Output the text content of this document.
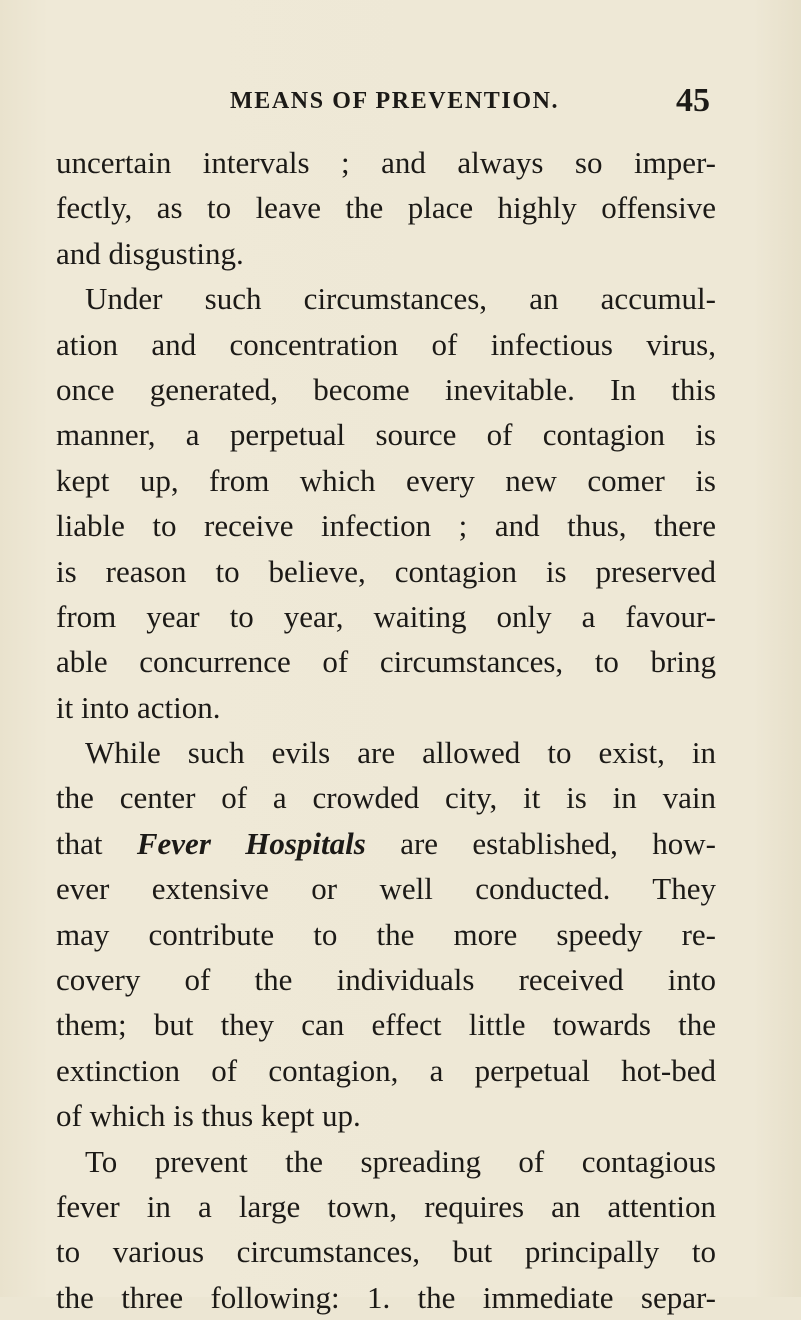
MEANS OF PREVENTION.	45
uncertain intervals ; and always so imper-
fectly, as to leave the place highly offensive
and disgusting.
Under such circumstances, an accumul-
ation and concentration of infectious virus,
once generated, become inevitable. In this
manner, a perpetual source of contagion is
kept up, from which every new comer is
liable to receive infection ; and thus, there
is reason to believe, contagion is preserved
from year to year, waiting only a favour-
able concurrence of circumstances, to bring
it into action.
While such evils are allowed to exist, in
the center of a crowded city, it is in vain
that Fever Hospitals are established, how-
ever extensive or well conducted. They
may contribute to the more speedy re-
covery of the individuals received into
them; but they can effect little towards the
extinction of contagion, a perpetual hot-bed
of which is thus kept up.
To prevent the spreading of contagious
fever in a large town, requires an attention
to various circumstances, but principally to
the three following: 1. the immediate separ-
